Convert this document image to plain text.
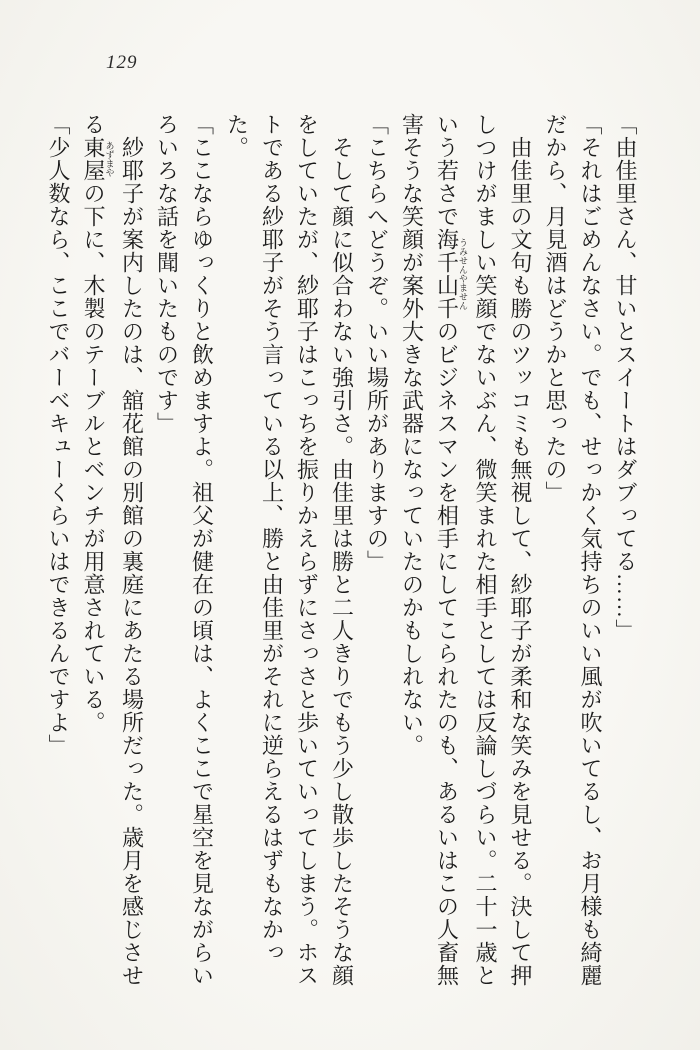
129

「由佳里さん、甘いとスイートはダブってる……」

「それはごめんなさい。でも、せっかく気持ちのいい風が吹いてるし、お月様も綺麗

だから、月見酒はどうかと思ったの」

由佳里の文句も勝のツッコミも無視して、紗耶子が柔和な笑みを見せる。決して押

しつけがましい笑顔でないぶん、微笑まれた相手としては反論しづらい。二十一歳と

いう若さで海千山千うみせんやませんのビジネスマンを相手にしてこられたのも、あるいはこの人畜無

害そうな笑顔が案外大きな武器になっていたのかもしれない。

「こちらへどうぞ。いい場所がありますの」

そして顔に似合わない強引さ。由佳里は勝と二人きりでもう少し散歩したそうな顔

をしていたが、紗耶子はこっちを振りかえらずにさっさと歩いていってしまう。ホス

トである紗耶子がそう言っている以上、勝と由佳里がそれに逆らえるはずもなかった。

「ここならゆっくりと飲めますよ。祖父が健在の頃は、よくここで星空を見ながらい

ろいろな話を聞いたものです」

紗耶子が案内したのは、舘花館の別館の裏庭にあたる場所だった。歳月を感じさせ

る東屋あずまやの下に、木製のテーブルとベンチが用意されている。

「少人数なら、ここでバーベキューくらいはできるんですよ」
